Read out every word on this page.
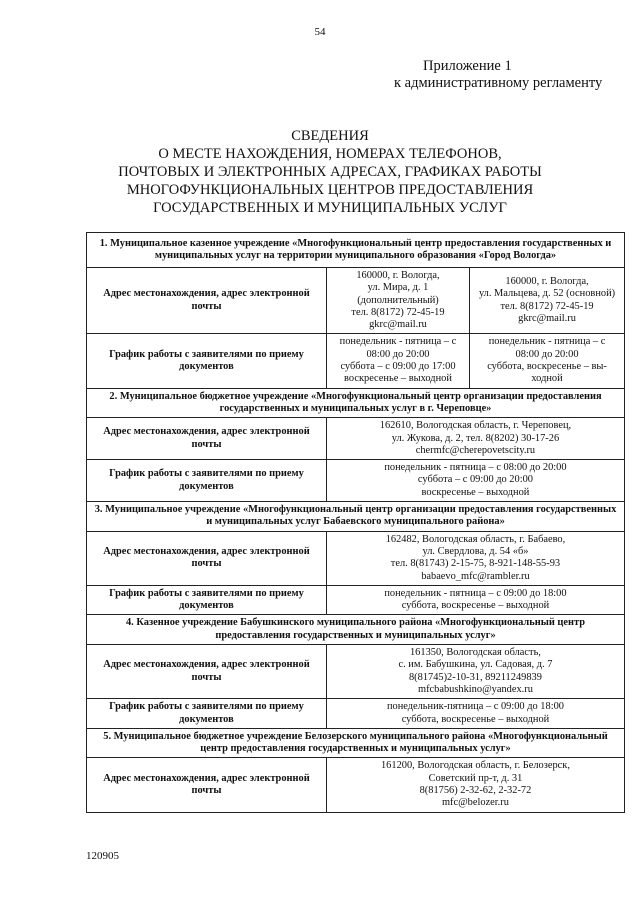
54
Приложение 1
к административному регламенту
СВЕДЕНИЯ
О МЕСТЕ НАХОЖДЕНИЯ, НОМЕРАХ ТЕЛЕФОНОВ,
ПОЧТОВЫХ И ЭЛЕКТРОННЫХ АДРЕСАХ, ГРАФИКАХ РАБОТЫ
МНОГОФУНКЦИОНАЛЬНЫХ ЦЕНТРОВ ПРЕДОСТАВЛЕНИЯ
ГОСУДАРСТВЕННЫХ И МУНИЦИПАЛЬНЫХ УСЛУГ
1. Муниципальное казенное учреждение «Многофункциональный центр предоставления государственных и муниципальных услуг на территории муниципального образования «Город Вологда»		
Адрес местонахождения, адрес электронной почты	160000, г. Вологда,
ул. Мира, д. 1
(дополнительный)
тел. 8(8172) 72-45-19
gkrc@mail.ru	160000, г. Вологда,
ул. Мальцева, д. 52 (основной)
тел. 8(8172) 72-45-19
gkrc@mail.ru

График работы с заявителями по приему документов	понедельник - пятница – с
08:00 до 20:00
суббота – с 09:00 до 17:00
воскресенье – выходной	понедельник - пятница – с
08:00 до 20:00
суббота, воскресенье – вы-
ходной

2. Муниципальное бюджетное учреждение «Многофункциональный центр организации предоставления государственных и муниципальных услуг в г. Череповце»		
Адрес местонахождения, адрес электронной почты	162610, Вологодская область, г. Череповец,
ул. Жукова, д. 2, тел. 8(8202) 30-17-26
chermfc@cherepovetscity.ru	

График работы с заявителями по приему документов	понедельник - пятница – с 08:00 до 20:00
суббота – с 09:00 до 20:00
воскресенье – выходной	

3. Муниципальное учреждение «Многофункциональный центр организации предоставления государственных и муниципальных услуг Бабаевского муниципального района»		
Адрес местонахождения, адрес электронной почты	162482, Вологодская область, г. Бабаево,
ул. Свердлова, д. 54 «б»
тел. 8(81743) 2-15-75, 8-921-148-55-93
babaevo_mfc@rambler.ru	

График работы с заявителями по приему документов	понедельник - пятница – с 09:00 до 18:00
суббота, воскресенье – выходной	

4. Казенное учреждение Бабушкинского муниципального района «Многофункциональный центр предоставления государственных и муниципальных услуг»		
Адрес местонахождения, адрес электронной почты	161350, Вологодская область,
с. им. Бабушкина, ул. Садовая, д. 7
8(81745)2-10-31, 89211249839
mfcbabushkino@yandex.ru	

График работы с заявителями по приему документов	понедельник-пятница – с 09:00 до 18:00
суббота, воскресенье – выходной	

5. Муниципальное бюджетное учреждение Белозерского муниципального района «Многофункциональный центр предоставления государственных и муниципальных услуг»		
Адрес местонахождения, адрес электронной почты	161200, Вологодская область, г. Белозерск,
Советский пр-т, д. 31
8(81756) 2-32-62, 2-32-72
mfc@belozer.ru	
120905
